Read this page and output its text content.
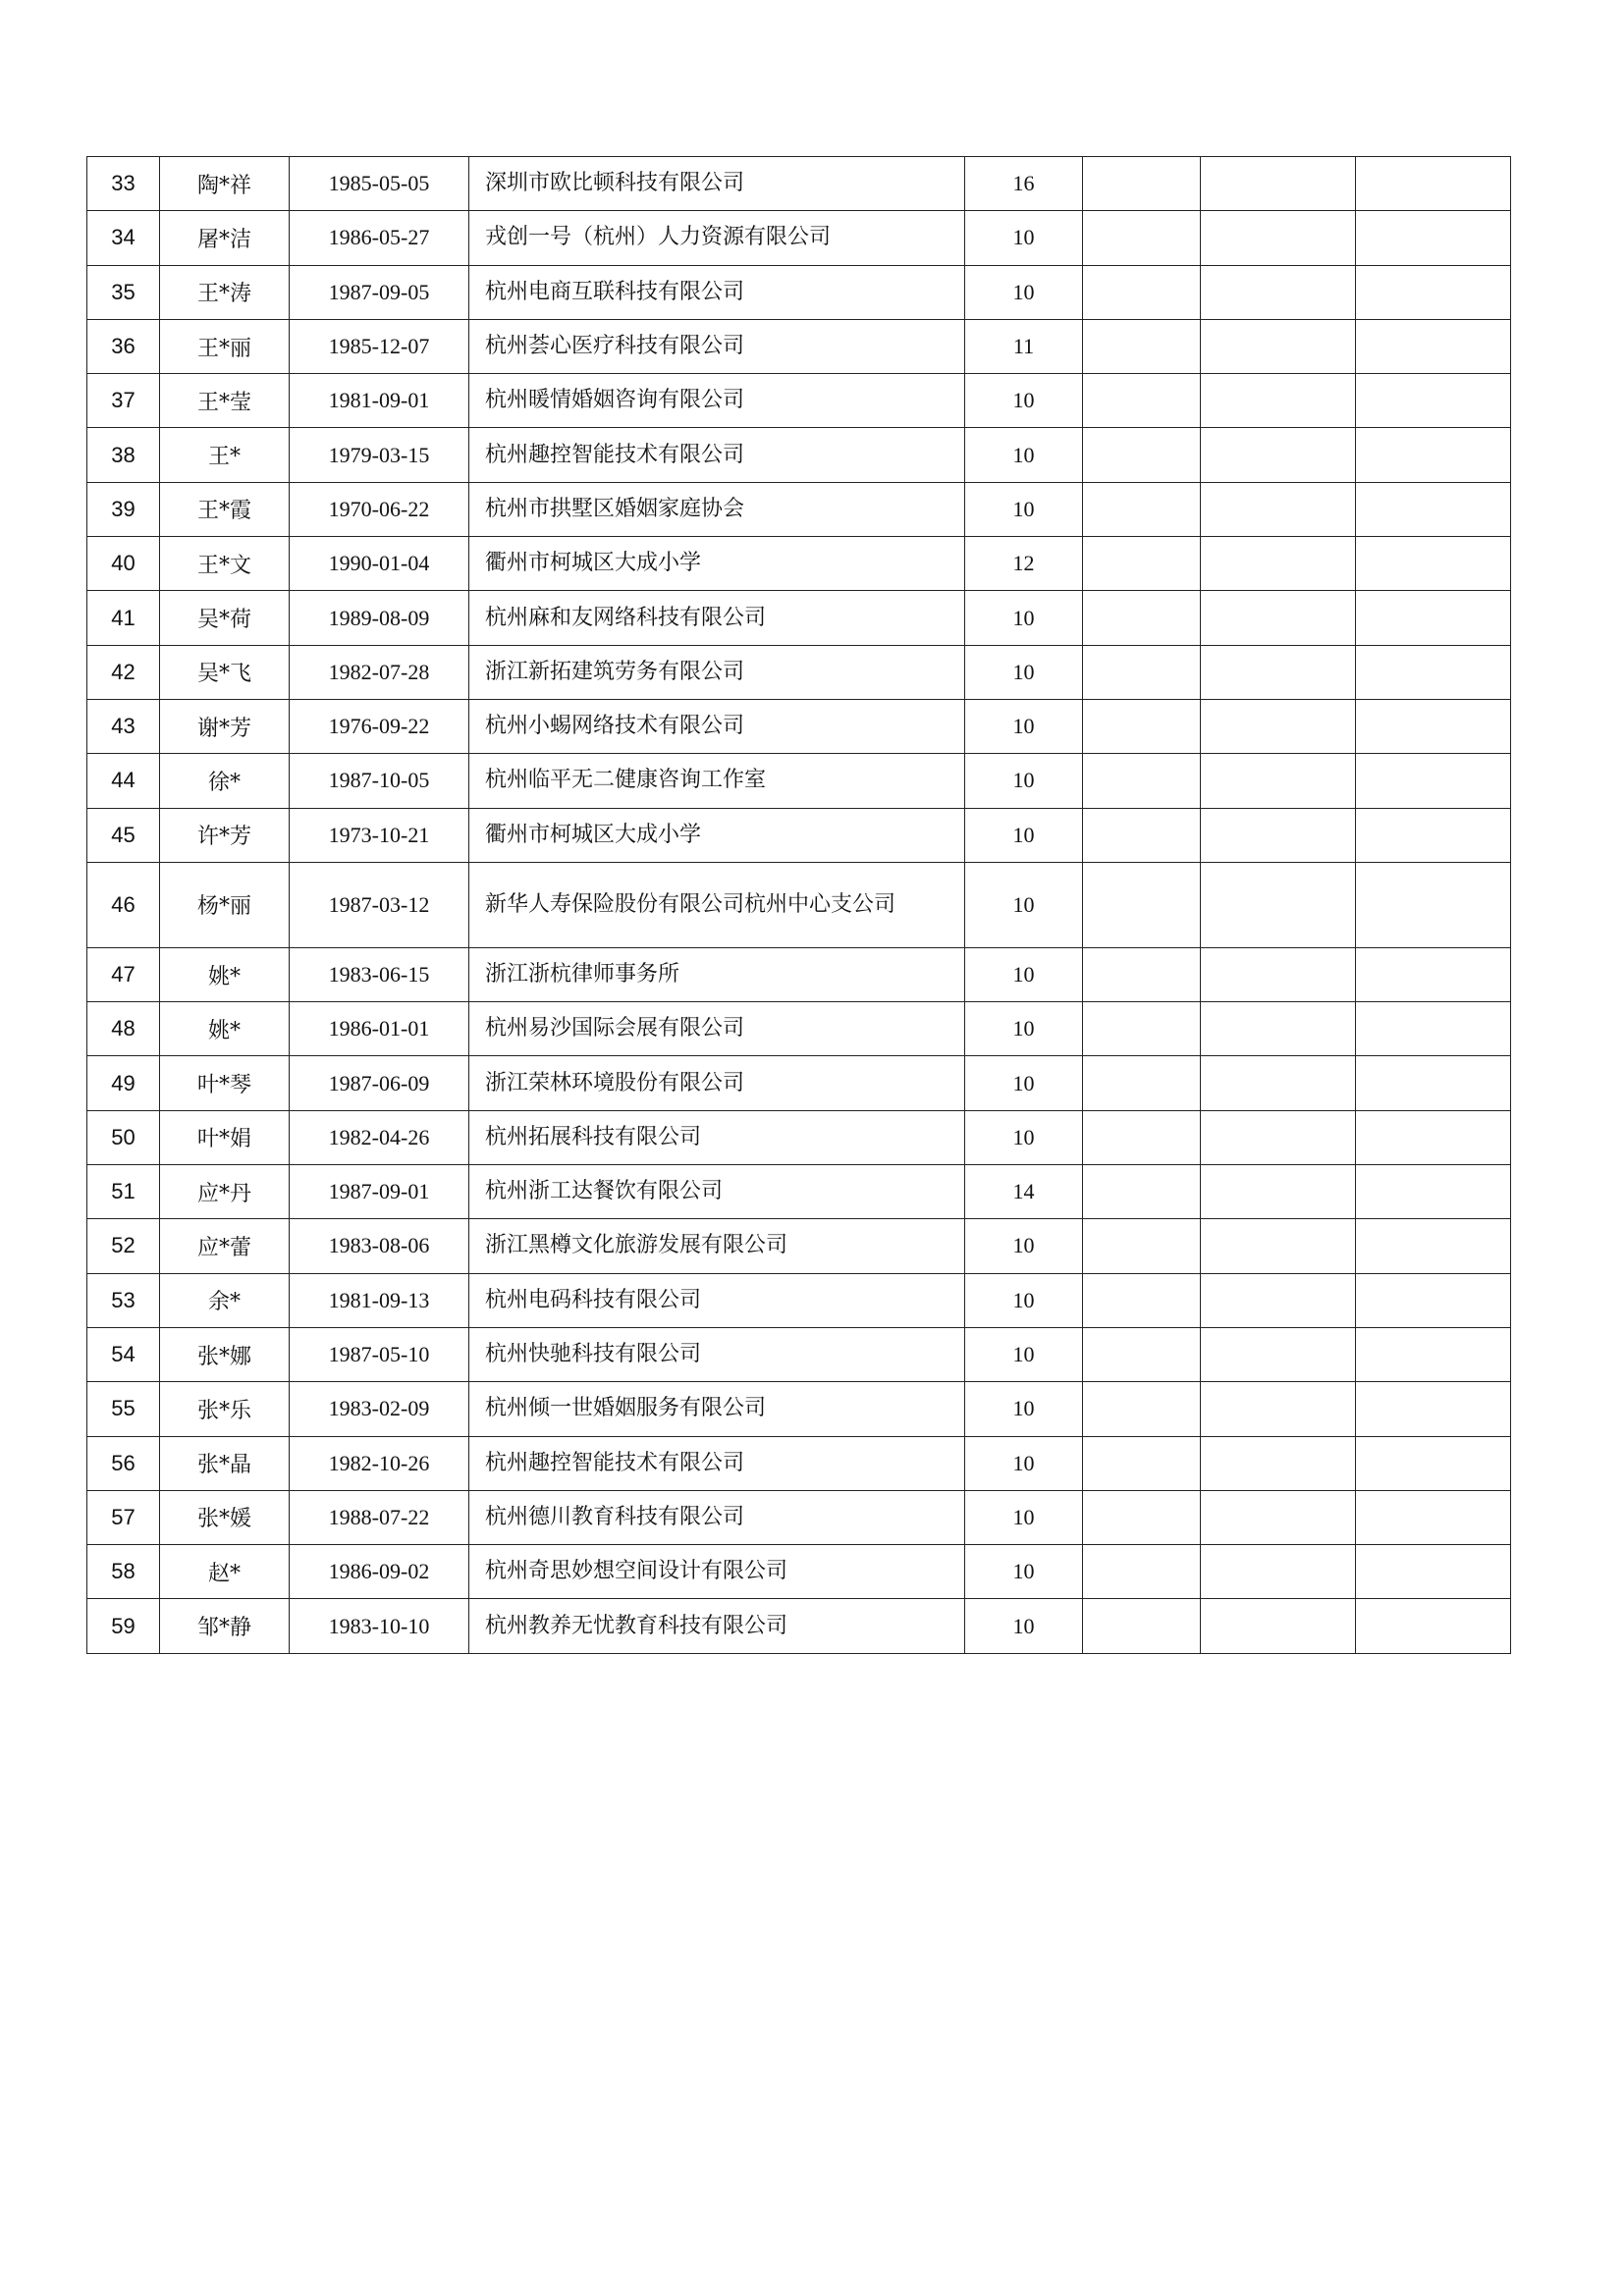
33	陶*祥	1985-05-05	深圳市欧比顿科技有限公司	16			
34	屠*洁	1986-05-27	戎创一号（杭州）人力资源有限公司	10			
35	王*涛	1987-09-05	杭州电商互联科技有限公司	10			
36	王*丽	1985-12-07	杭州荟心医疗科技有限公司	11			
37	王*莹	1981-09-01	杭州暖情婚姻咨询有限公司	10			
38	王*	1979-03-15	杭州趣控智能技术有限公司	10			
39	王*霞	1970-06-22	杭州市拱墅区婚姻家庭协会	10			
40	王*文	1990-01-04	衢州市柯城区大成小学	12			
41	吴*荷	1989-08-09	杭州麻和友网络科技有限公司	10			
42	吴*飞	1982-07-28	浙江新拓建筑劳务有限公司	10			
43	谢*芳	1976-09-22	杭州小蜴网络技术有限公司	10			
44	徐*	1987-10-05	杭州临平无二健康咨询工作室	10			
45	许*芳	1973-10-21	衢州市柯城区大成小学	10			
46	杨*丽	1987-03-12	新华人寿保险股份有限公司杭州中心支公司	10			
47	姚*	1983-06-15	浙江浙杭律师事务所	10			
48	姚*	1986-01-01	杭州易沙国际会展有限公司	10			
49	叶*琴	1987-06-09	浙江荣林环境股份有限公司	10			
50	叶*娟	1982-04-26	杭州拓展科技有限公司	10			
51	应*丹	1987-09-01	杭州浙工达餐饮有限公司	14			
52	应*蕾	1983-08-06	浙江黑樽文化旅游发展有限公司	10			
53	余*	1981-09-13	杭州电码科技有限公司	10			
54	张*娜	1987-05-10	杭州快驰科技有限公司	10			
55	张*乐	1983-02-09	杭州倾一世婚姻服务有限公司	10			
56	张*晶	1982-10-26	杭州趣控智能技术有限公司	10			
57	张*媛	1988-07-22	杭州德川教育科技有限公司	10			
58	赵*	1986-09-02	杭州奇思妙想空间设计有限公司	10			
59	邹*静	1983-10-10	杭州教养无忧教育科技有限公司	10			
